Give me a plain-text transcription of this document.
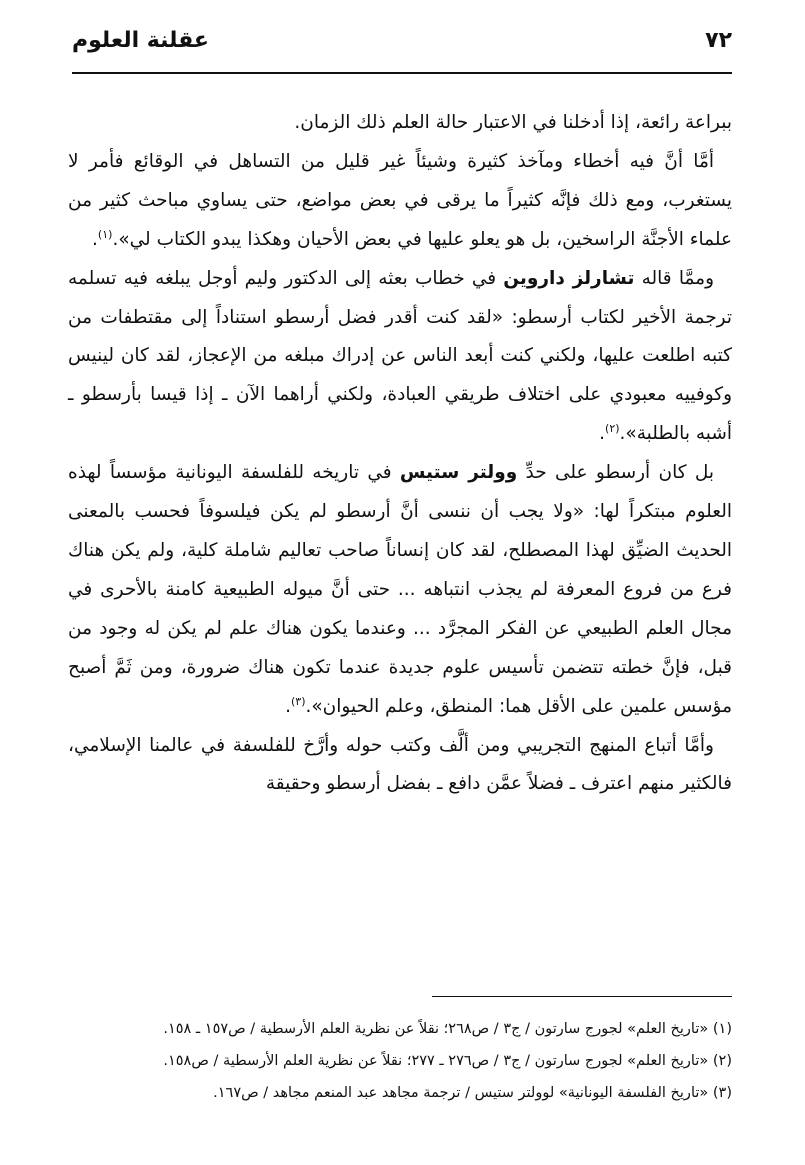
عقلنة العلوم	٧٢

ببراعة رائعة، إذا أدخلنا في الاعتبار حالة العلم ذلك الزمان.

أمَّا أنَّ فيه أخطاء ومآخذ كثيرة وشيئاً غير قليل من التساهل في الوقائع فأمر لا يستغرب، ومع ذلك فإنَّه كثيراً ما يرقى في بعض مواضع، حتى يساوي مباحث كثير من علماء الأجنَّة الراسخين، بل هو يعلو عليها في بعض الأحيان وهكذا يبدو الكتاب لي».$^{(١)}$.

وممَّا قاله تشارلز داروين في خطاب بعثه إلى الدكتور وليم أوجل يبلغه فيه تسلمه ترجمة الأخير لكتاب أرسطو: «لقد كنت أقدر فضل أرسطو استناداً إلى مقتطفات من كتبه اطلعت عليها، ولكني كنت أبعد الناس عن إدراك مبلغه من الإعجاز، لقد كان لينيس وكوفييه معبودي على اختلاف طريقي العبادة، ولكني أراهما الآن ـ إذا قيسا بأرسطو ـ أشبه بالطلبة».$^{(٢)}$.

بل كان أرسطو على حدِّ وولتر ستيس في تاريخه للفلسفة اليونانية مؤسساً لهذه العلوم مبتكراً لها: «ولا يجب أن ننسى أنَّ أرسطو لم يكن فيلسوفاً فحسب بالمعنى الحديث الضيِّق لهذا المصطلح، لقد كان إنساناً صاحب تعاليم شاملة كلية، ولم يكن هناك فرع من فروع المعرفة لم يجذب انتباهه ... حتى أنَّ ميوله الطبيعية كامنة بالأحرى في مجال العلم الطبيعي عن الفكر المجرَّد ... وعندما يكون هناك علم لم يكن له وجود من قبل، فإنَّ خطته تتضمن تأسيس علوم جديدة عندما تكون هناك ضرورة، ومن ثَمَّ أصبح مؤسس علمين على الأقل هما: المنطق، وعلم الحيوان».$^{(٣)}$.

وأمَّا أتباع المنهج التجريبي ومن ألَّف وكتب حوله وأرَّخ للفلسفة في عالمنا الإسلامي، فالكثير منهم اعترف ـ فضلاً عمَّن دافع ـ بفضل أرسطو وحقيقة

(١) «تاريخ العلم» لجورج سارتون / ج٣ / ص٢٦٨؛ نقلاً عن نظرية العلم الأرسطية / ص١٥٧ ـ ١٥٨.
(٢) «تاريخ العلم» لجورج سارتون / ج٣ / ص٢٧٦ ـ ٢٧٧؛ نقلاً عن نظرية العلم الأرسطية / ص١٥٨.
(٣) «تاريخ الفلسفة اليونانية» لوولتر ستيس / ترجمة مجاهد عبد المنعم مجاهد / ص١٦٧.
